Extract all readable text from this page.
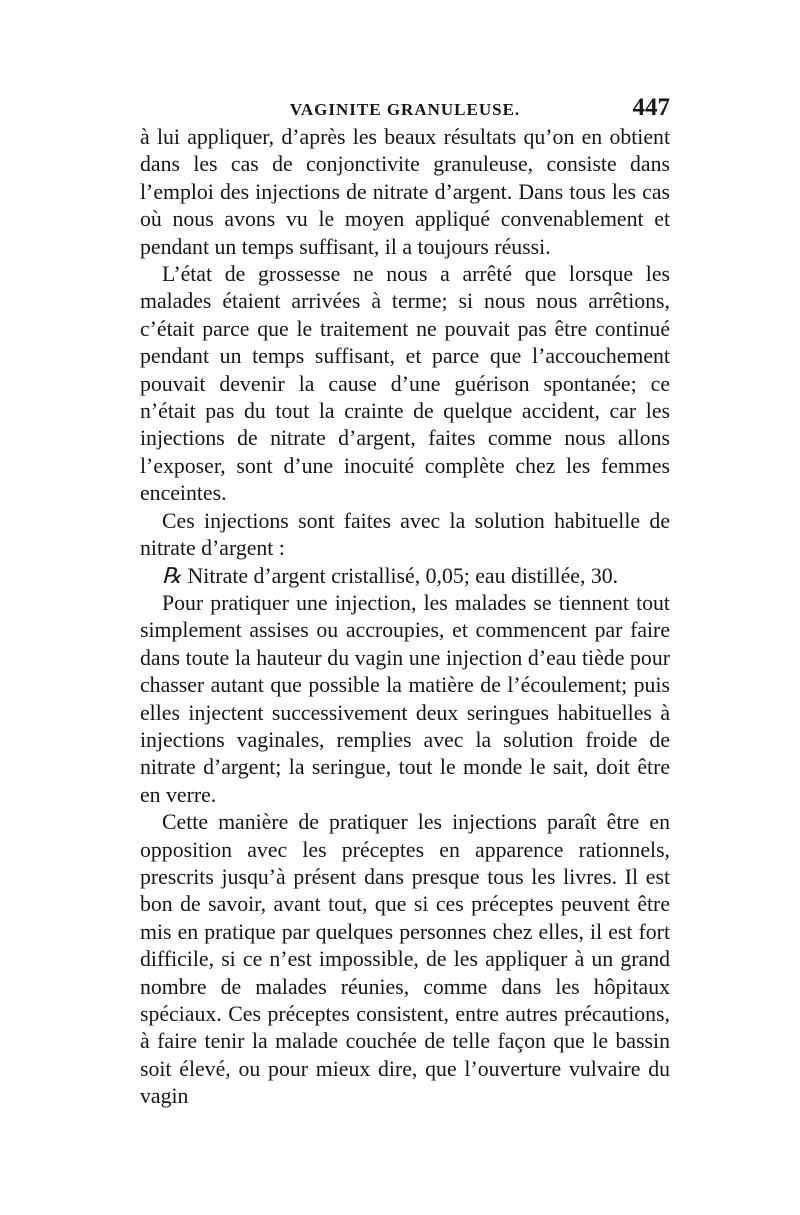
VAGINITE GRANULEUSE.	447

à lui appliquer, d’après les beaux résultats qu’on en obtient dans les cas de conjonctivite granuleuse, consiste dans l’emploi des injections de nitrate d’argent. Dans tous les cas où nous avons vu le moyen appliqué convenablement et pendant un temps suffisant, il a toujours réussi.

L’état de grossesse ne nous a arrêté que lorsque les malades étaient arrivées à terme; si nous nous arrêtions, c’était parce que le traitement ne pouvait pas être continué pendant un temps suffisant, et parce que l’accouchement pouvait devenir la cause d’une guérison spontanée; ce n’était pas du tout la crainte de quelque accident, car les injections de nitrate d’argent, faites comme nous allons l’exposer, sont d’une inocuité complète chez les femmes enceintes.

Ces injections sont faites avec la solution habituelle de nitrate d’argent :

℞ Nitrate d’argent cristallisé, 0,05; eau distillée, 30.

Pour pratiquer une injection, les malades se tiennent tout simplement assises ou accroupies, et commencent par faire dans toute la hauteur du vagin une injection d’eau tiède pour chasser autant que possible la matière de l’écoulement; puis elles injectent successivement deux seringues habituelles à injections vaginales, remplies avec la solution froide de nitrate d’argent; la seringue, tout le monde le sait, doit être en verre.

Cette manière de pratiquer les injections paraît être en opposition avec les préceptes en apparence rationnels, prescrits jusqu’à présent dans presque tous les livres. Il est bon de savoir, avant tout, que si ces préceptes peuvent être mis en pratique par quelques personnes chez elles, il est fort difficile, si ce n’est impossible, de les appliquer à un grand nombre de malades réunies, comme dans les hôpitaux spéciaux. Ces préceptes consistent, entre autres précautions, à faire tenir la malade couchée de telle façon que le bassin soit élevé, ou pour mieux dire, que l’ouverture vulvaire du vagin
